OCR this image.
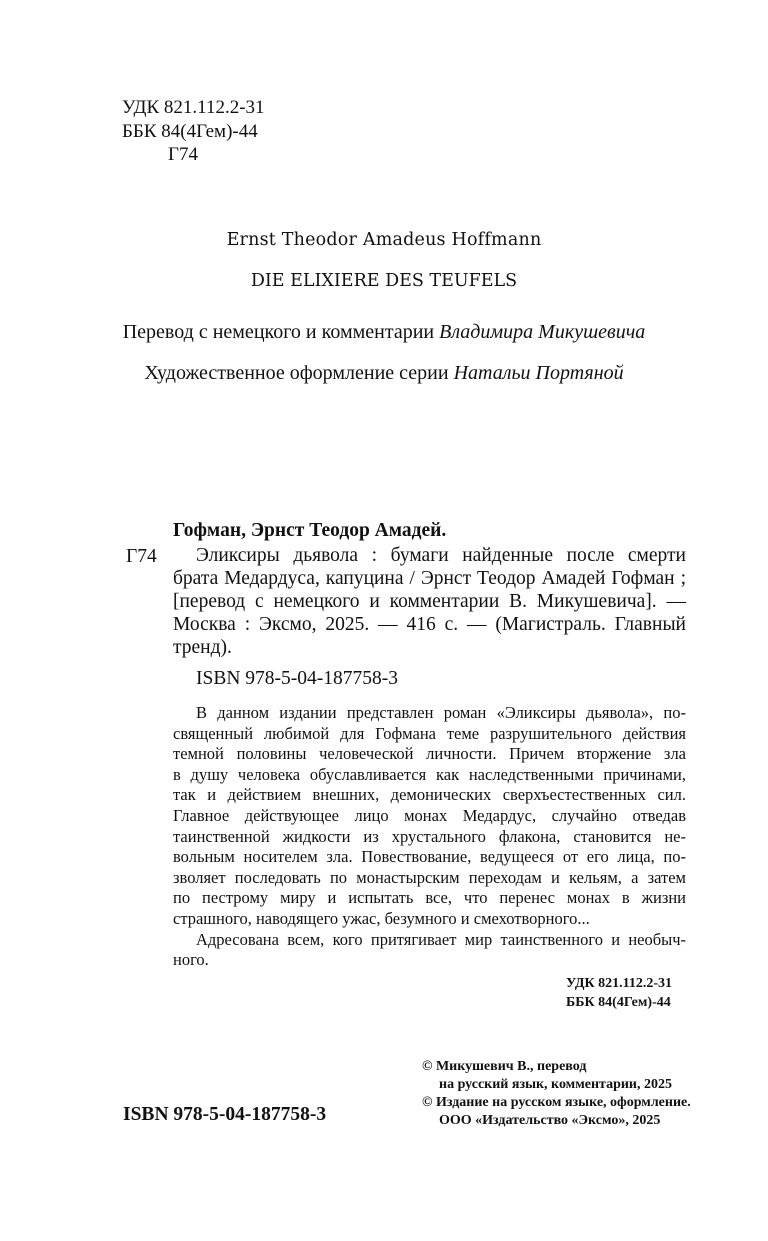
УДК 821.112.2-31
ББК 84(4Гем)-44
Г74
Ernst Theodor Amadeus Hoffmann
DIE ELIXIERE DES TEUFELS
Перевод с немецкого и комментарии Владимира Микушевича
Художественное оформление серии Натальи Портяной
Гофман, Эрнст Теодор Амадей.
Г74	Эликсиры дьявола : бумаги найденные после смерти
брата Медардуса, капуцина / Эрнст Теодор Амадей Гофман ;
[перевод с немецкого и комментарии В. Микушевича]. —
Москва : Эксмо, 2025. — 416 с. — (Магистраль. Главный
тренд).
ISBN 978-5-04-187758-3
В данном издании представлен роман «Эликсиры дьявола», по-
священный любимой для Гофмана теме разрушительного действия
темной половины человеческой личности. Причем вторжение зла
в душу человека обуславливается как наследственными причинами,
так и действием внешних, демонических сверхъестественных сил.
Главное действующее лицо монах Медардус, случайно отведав
таинственной жидкости из хрустального флакона, становится не-
вольным носителем зла. Повествование, ведущееся от его лица, по-
зволяет последовать по монастырским переходам и кельям, а затем
по пестрому миру и испытать все, что перенес монах в жизни
страшного, наводящего ужас, безумного и смехотворного...
Адресована всем, кого притягивает мир таинственного и необыч-
ного.
УДК 821.112.2-31
ББК 84(4Гем)-44
ISBN 978-5-04-187758-3
© Микушевич В., перевод
на русский язык, комментарии, 2025
© Издание на русском языке, оформление.
ООО «Издательство «Эксмо», 2025
